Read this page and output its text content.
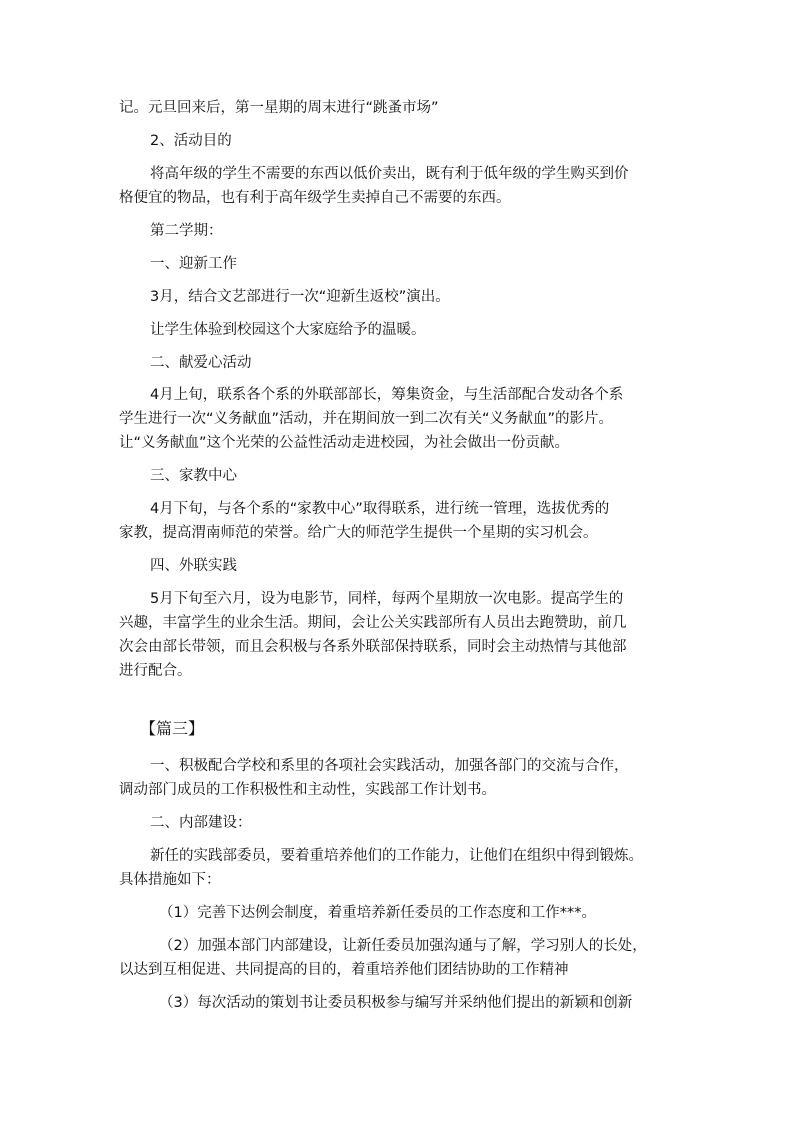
记。元旦回来后，第一星期的周末进行“跳蚤市场”

2、活动目的

将高年级的学生不需要的东西以低价卖出，既有利于低年级的学生购买到价

格便宜的物品，也有利于高年级学生卖掉自己不需要的东西。

第二学期：

一、迎新工作

3月，结合文艺部进行一次“迎新生返校”演出。

让学生体验到校园这个大家庭给予的温暖。

二、献爱心活动

4月上旬，联系各个系的外联部部长，筹集资金，与生活部配合发动各个系

学生进行一次“义务献血”活动，并在期间放一到二次有关“义务献血”的影片。

让“义务献血”这个光荣的公益性活动走进校园，为社会做出一份贡献。

三、家教中心

4月下旬，与各个系的“家教中心”取得联系，进行统一管理，选拔优秀的

家教，提高渭南师范的荣誉。给广大的师范学生提供一个星期的实习机会。

四、外联实践

5月下旬至六月，设为电影节，同样，每两个星期放一次电影。提高学生的

兴趣，丰富学生的业余生活。期间，会让公关实践部所有人员出去跑赞助，前几

次会由部长带领，而且会积极与各系外联部保持联系，同时会主动热情与其他部

进行配合。

【篇三】

一、积极配合学校和系里的各项社会实践活动，加强各部门的交流与合作，

调动部门成员的工作积极性和主动性，实践部工作计划书。

二、内部建设：

新任的实践部委员，要着重培养他们的工作能力，让他们在组织中得到锻炼。

具体措施如下：

（1）完善下达例会制度，着重培养新任委员的工作态度和工作***。

（2）加强本部门内部建设，让新任委员加强沟通与了解，学习别人的长处，

以达到互相促进、共同提高的目的，着重培养他们团结协助的工作精神

（3）每次活动的策划书让委员积极参与编写并采纳他们提出的新颖和创新
